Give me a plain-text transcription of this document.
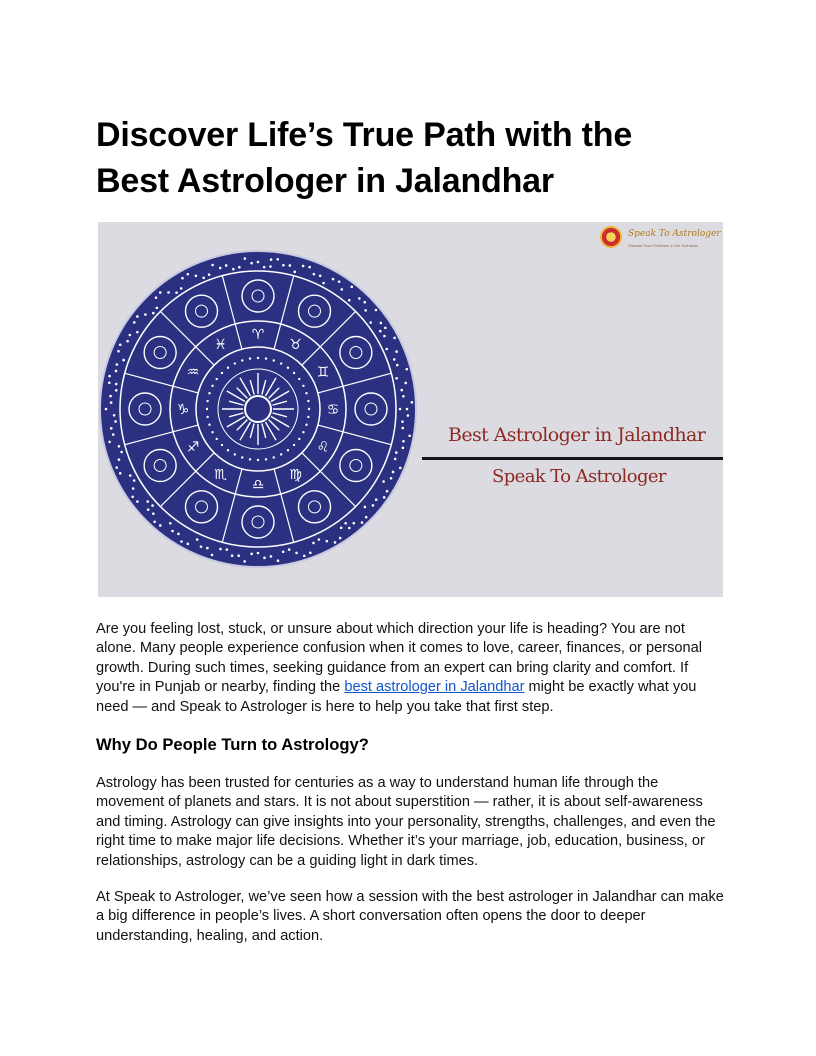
Discover Life’s True Path with the
Best Astrologer in Jalandhar
♈
♉
♊
♋
♌
♍
♎
♏
♐
♑
♒
♓
Speak To Astrologer
Discuss Your Problems & Get Solutions
Best Astrologer in Jalandhar
Speak To Astrologer

Are you feeling lost, stuck, or unsure about which direction your life is heading? You are not alone. Many people experience confusion when it comes to love, career, finances, or personal growth. During such times, seeking guidance from an expert can bring clarity and comfort. If you're in Punjab or nearby, finding the best astrologer in Jalandhar might be exactly what you need — and Speak to Astrologer is here to help you take that first step.

Why Do People Turn to Astrology?

Astrology has been trusted for centuries as a way to understand human life through the movement of planets and stars. It is not about superstition — rather, it is about self-awareness and timing. Astrology can give insights into your personality, strengths, challenges, and even the right time to make major life decisions. Whether it’s your marriage, job, education, business, or relationships, astrology can be a guiding light in dark times.

At Speak to Astrologer, we’ve seen how a session with the best astrologer in Jalandhar can make a big difference in people’s lives. A short conversation often opens the door to deeper understanding, healing, and action.
